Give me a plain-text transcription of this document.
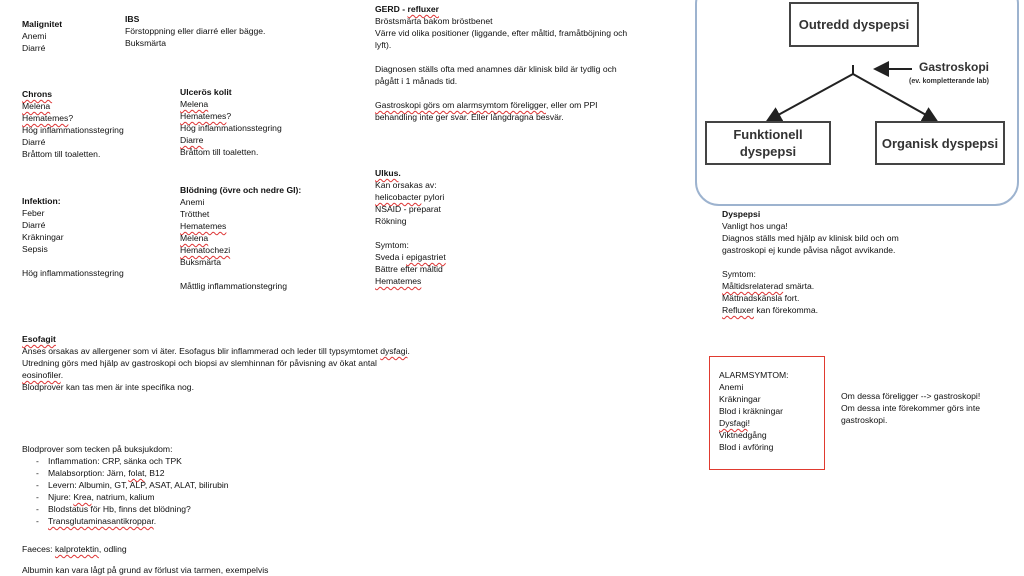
Malignitet
Anemi
Diarré
IBS
Förstoppning eller diarré eller bägge.
Buksmärta
GERD - refluxer
Bröstsmärta bakom bröstbenet
Värre vid olika positioner (liggande, efter måltid, framåtböjning och
lyft).
Diagnosen ställs ofta med anamnes där klinisk bild är tydlig och
pågått i 1 månads tid.
Gastroskopi görs om alarmsymtom föreligger, eller om PPI
behandling inte ger svar. Eller långdragna besvär.
Chrons
Melena
Hematemes?
Hög inflammationsstegring
Diarré
Bråttom till toaletten.
Ulcerös kolit
Melena
Hematemes?
Hög inflammationsstegring
Diarre
Bråttom till toaletten.
Ulkus.
Kan orsakas av:
helicobacter pylori
NSAID - preparat
Rökning
Symtom:
Sveda i epigastriet
Bättre efter måltid
Hematemes
Infektion:
Feber
Diarré
Kräkningar
Sepsis
Hög inflammationsstegring
Blödning (övre och nedre GI):
Anemi
Trötthet
Hematemes
Melena
Hematochezi
Buksmärta
Måttlig inflammationstegring
Outredd dyspepsi
Gastroskopi
(ev. kompletterande lab)
Funktionell dyspepsi
Organisk dyspepsi
Dyspepsi
Vanligt hos unga!
Diagnos ställs med hjälp av klinisk bild och om
gastroskopi ej kunde påvisa något avvikande.
Symtom:
Måltidsrelaterad smärta.
Mättnadskänsla fort.
Refluxer kan förekomma.
Esofagit
Anses orsakas av allergener som vi äter. Esofagus blir inflammerad och leder till typsymtomet dysfagi.
Utredning görs med hjälp av gastroskopi och biopsi av slemhinnan för påvisning av ökat antal
eosinofiler.
Blodprover kan tas men är inte specifika nog.
ALARMSYMTOM:
Anemi
Kräkningar
Blod i kräkningar
Dysfagi!
Viktnedgång
Blod i avföring
Om dessa föreligger --> gastroskopi!
Om dessa inte förekommer görs inte
gastroskopi.
Blodprover som tecken på buksjukdom:
- Inflammation: CRP, sänka och TPK
- Malabsorption: Järn, folat, B12
- Levern: Albumin, GT, ALP, ASAT, ALAT, bilirubin
- Njure: Krea, natrium, kalium
- Blodstatus för Hb, finns det blödning?
- Transglutaminasantikroppar.
Faeces: kalprotektin, odling
Albumin kan vara lågt på grund av förlust via tarmen, exempelvis
